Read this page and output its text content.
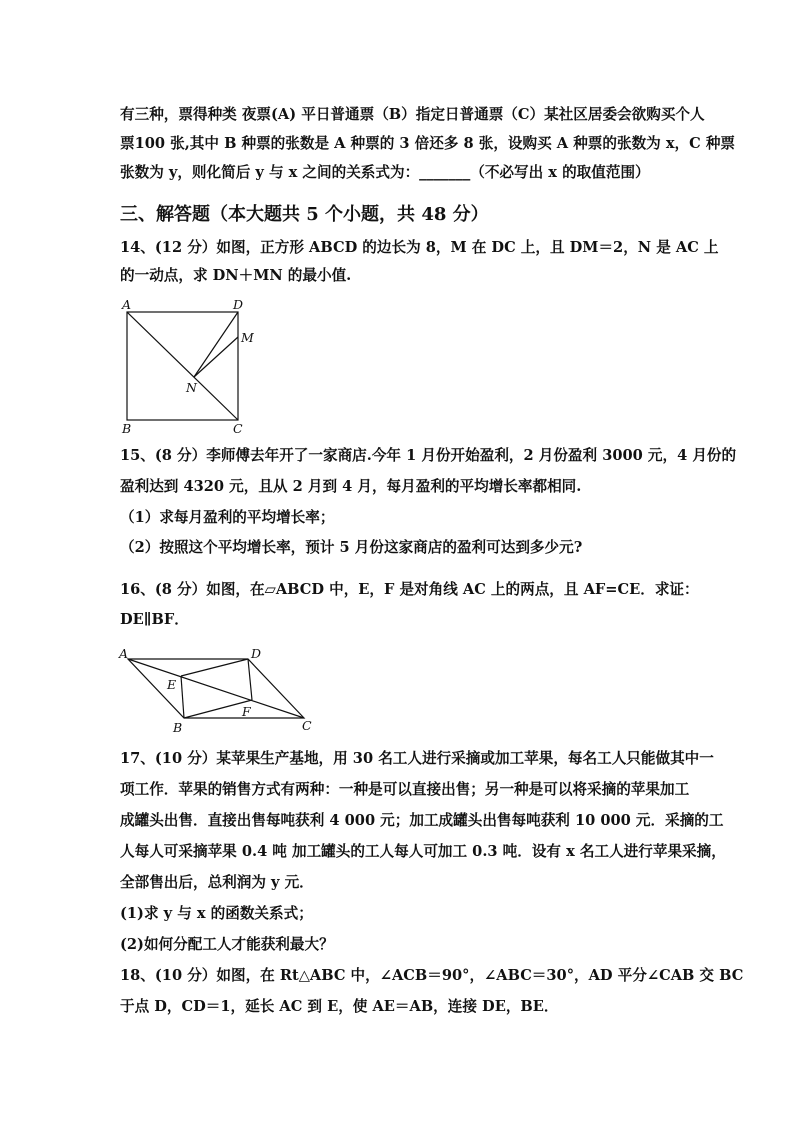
有三种，票得种类 夜票(A) 平日普通票（B）指定日普通票（C）某社区居委会欲购买个人
票100 张,其中 B 种票的张数是 A 种票的 3 倍还多 8 张，设购买 A 种票的张数为 x，C 种票
张数为 y，则化简后 y 与 x 之间的关系式为：_______（不必写出 x 的取值范围）
三、解答题（本大题共 5 个小题，共 48 分）
14、(12 分）如图，正方形 ABCD 的边长为 8，M 在 DC 上，且 DM＝2，N 是 AC 上
的一动点，求 DN＋MN 的最小值.
A	D
M
N
B	C
15、(8 分）李师傅去年开了一家商店.今年 1 月份开始盈利，2 月份盈利 3000 元，4 月份的
盈利达到 4320 元，且从 2 月到 4 月，每月盈利的平均增长率都相同.
（1）求每月盈利的平均增长率；
（2）按照这个平均增长率，预计 5 月份这家商店的盈利可达到多少元?
16、(8 分）如图，在▱ABCD 中，E，F 是对角线 AC 上的两点，且 AF=CE．求证：
DE∥BF．
A	D
E
F
B	C
17、(10 分）某苹果生产基地，用 30 名工人进行采摘或加工苹果，每名工人只能做其中一
项工作．苹果的销售方式有两种：一种是可以直接出售；另一种是可以将采摘的苹果加工
成罐头出售．直接出售每吨获利 4 000 元；加工成罐头出售每吨获利 10 000 元．采摘的工
人每人可采摘苹果 0.4 吨 加工罐头的工人每人可加工 0.3 吨．设有 x 名工人进行苹果采摘，
全部售出后，总利润为 y 元．
(1)求 y 与 x 的函数关系式；
(2)如何分配工人才能获利最大？
18、(10 分）如图，在 Rt△ABC 中，∠ACB＝90°，∠ABC＝30°，AD 平分∠CAB 交 BC
于点 D，CD＝1，延长 AC 到 E，使 AE＝AB，连接 DE，BE．
